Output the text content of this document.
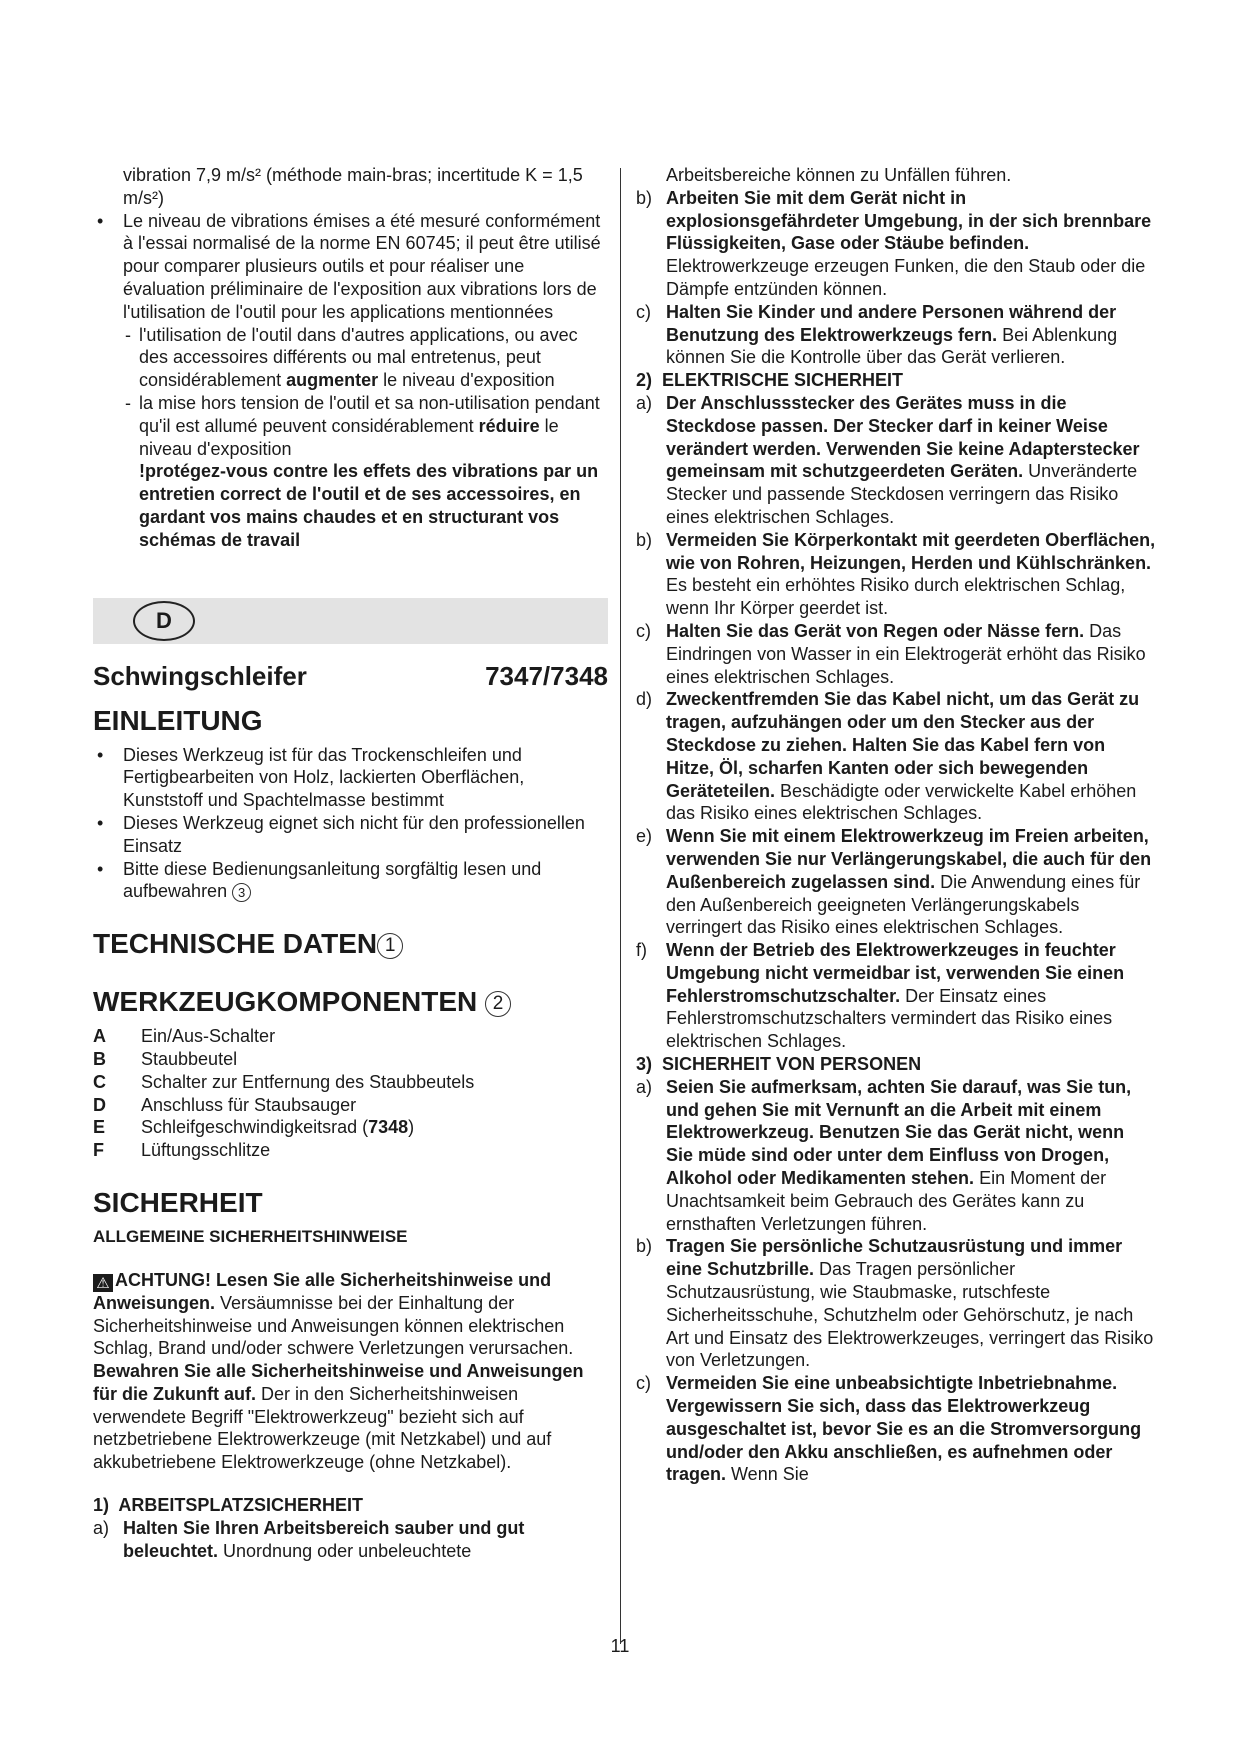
vibration 7,9 m/s² (méthode main-bras; incertitude K = 1,5 m/s²)

• Le niveau de vibrations émises a été mesuré conformément à l'essai normalisé de la norme EN 60745; il peut être utilisé pour comparer plusieurs outils et pour réaliser une évaluation préliminaire de l'exposition aux vibrations lors de l'utilisation de l'outil pour les applications mentionnées
- l'utilisation de l'outil dans d'autres applications, ou avec des accessoires différents ou mal entretenus, peut considérablement augmenter le niveau d'exposition
- la mise hors tension de l'outil et sa non-utilisation pendant qu'il est allumé peuvent considérablement réduire le niveau d'exposition

!protégez-vous contre les effets des vibrations par un entretien correct de l'outil et de ses accessoires, en gardant vos mains chaudes et en structurant vos schémas de travail

D
Schwingschleifer	7347/7348
EINLEITUNG
• Dieses Werkzeug ist für das Trockenschleifen und Fertigbearbeiten von Holz, lackierten Oberflächen, Kunststoff und Spachtelmasse bestimmt
• Dieses Werkzeug eignet sich nicht für den professionellen Einsatz
• Bitte diese Bedienungsanleitung sorgfältig lesen und aufbewahren 3
TECHNISCHE DATEN 1
WERKZEUGKOMPONENTEN 2
A	Ein/Aus-Schalter
B	Staubbeutel
C	Schalter zur Entfernung des Staubbeutels
D	Anschluss für Staubsauger
E	Schleifgeschwindigkeitsrad (7348)
F	Lüftungsschlitze
SICHERHEIT
ALLGEMEINE SICHERHEITSHINWEISE

⚠ ACHTUNG! Lesen Sie alle Sicherheitshinweise und Anweisungen. Versäumnisse bei der Einhaltung der Sicherheitshinweise und Anweisungen können elektrischen Schlag, Brand und/oder schwere Verletzungen verursachen. Bewahren Sie alle Sicherheitshinweise und Anweisungen für die Zukunft auf. Der in den Sicherheitshinweisen verwendete Begriff "Elektrowerkzeug" bezieht sich auf netzbetriebene Elektrowerkzeuge (mit Netzkabel) und auf akkubetriebene Elektrowerkzeuge (ohne Netzkabel).

1) ARBEITSPLATZSICHERHEIT
a) Halten Sie Ihren Arbeitsbereich sauber und gut beleuchtet. Unordnung oder unbeleuchtete

Arbeitsbereiche können zu Unfällen führen.

b) Arbeiten Sie mit dem Gerät nicht in explosionsgefährdeter Umgebung, in der sich brennbare Flüssigkeiten, Gase oder Stäube befinden. Elektrowerkzeuge erzeugen Funken, die den Staub oder die Dämpfe entzünden können.
c) Halten Sie Kinder und andere Personen während der Benutzung des Elektrowerkzeugs fern. Bei Ablenkung können Sie die Kontrolle über das Gerät verlieren.
2) ELEKTRISCHE SICHERHEIT
a) Der Anschlussstecker des Gerätes muss in die Steckdose passen. Der Stecker darf in keiner Weise verändert werden. Verwenden Sie keine Adapterstecker gemeinsam mit schutzgeerdeten Geräten. Unveränderte Stecker und passende Steckdosen verringern das Risiko eines elektrischen Schlages.
b) Vermeiden Sie Körperkontakt mit geerdeten Oberflächen, wie von Rohren, Heizungen, Herden und Kühlschränken. Es besteht ein erhöhtes Risiko durch elektrischen Schlag, wenn Ihr Körper geerdet ist.
c) Halten Sie das Gerät von Regen oder Nässe fern. Das Eindringen von Wasser in ein Elektrogerät erhöht das Risiko eines elektrischen Schlages.
d) Zweckentfremden Sie das Kabel nicht, um das Gerät zu tragen, aufzuhängen oder um den Stecker aus der Steckdose zu ziehen. Halten Sie das Kabel fern von Hitze, Öl, scharfen Kanten oder sich bewegenden Geräteteilen. Beschädigte oder verwickelte Kabel erhöhen das Risiko eines elektrischen Schlages.
e) Wenn Sie mit einem Elektrowerkzeug im Freien arbeiten, verwenden Sie nur Verlängerungskabel, die auch für den Außenbereich zugelassen sind. Die Anwendung eines für den Außenbereich geeigneten Verlängerungskabels verringert das Risiko eines elektrischen Schlages.
f) Wenn der Betrieb des Elektrowerkzeuges in feuchter Umgebung nicht vermeidbar ist, verwenden Sie einen Fehlerstromschutzschalter. Der Einsatz eines Fehlerstromschutzschalters vermindert das Risiko eines elektrischen Schlages.
3) SICHERHEIT VON PERSONEN
a) Seien Sie aufmerksam, achten Sie darauf, was Sie tun, und gehen Sie mit Vernunft an die Arbeit mit einem Elektrowerkzeug. Benutzen Sie das Gerät nicht, wenn Sie müde sind oder unter dem Einfluss von Drogen, Alkohol oder Medikamenten stehen. Ein Moment der Unachtsamkeit beim Gebrauch des Gerätes kann zu ernsthaften Verletzungen führen.
b) Tragen Sie persönliche Schutzausrüstung und immer eine Schutzbrille. Das Tragen persönlicher Schutzausrüstung, wie Staubmaske, rutschfeste Sicherheitsschuhe, Schutzhelm oder Gehörschutz, je nach Art und Einsatz des Elektrowerkzeuges, verringert das Risiko von Verletzungen.
c) Vermeiden Sie eine unbeabsichtigte Inbetriebnahme. Vergewissern Sie sich, dass das Elektrowerkzeug ausgeschaltet ist, bevor Sie es an die Stromversorgung und/oder den Akku anschließen, es aufnehmen oder tragen. Wenn Sie
11
